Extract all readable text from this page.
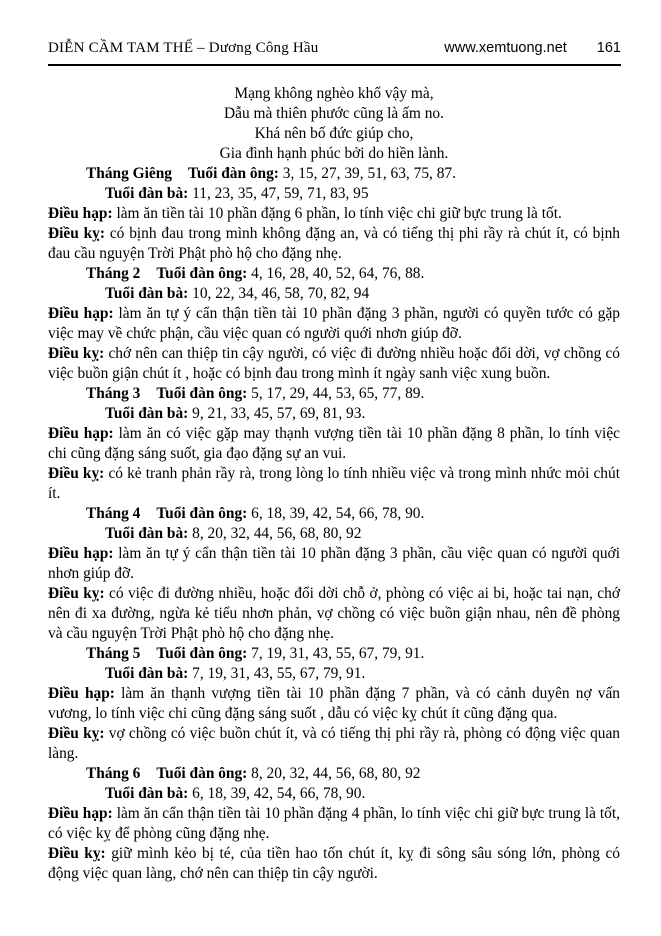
DIỄN CẦM TAM THẾ – Dương Công Hầu	www.xemtuong.net 161
Mạng không nghèo khổ vậy mà,
Dẫu mà thiên phước cũng là ấm no.
Khá nên bố đức giúp cho,
Gia đình hạnh phúc bởi do hiền lành.
Tháng Giêng Tuổi đàn ông: 3, 15, 27, 39, 51, 63, 75, 87.
Tuổi đàn bà: 11, 23, 35, 47, 59, 71, 83, 95

Điều hạp: làm ăn tiền tài 10 phần đặng 6 phần, lo tính việc chi giữ bực trung là tốt.

Điều kỵ: có bịnh đau trong mình không đặng an, và có tiếng thị phi rầy rà chút ít, có bịnh đau cầu nguyện Trời Phật phò hộ cho đặng nhẹ.

Tháng 2 Tuổi đàn ông: 4, 16, 28, 40, 52, 64, 76, 88.
Tuổi đàn bà: 10, 22, 34, 46, 58, 70, 82, 94

Điều hạp: làm ăn tự ý cẩn thận tiền tài 10 phần đặng 3 phần, người có quyền tước có gặp việc may về chức phận, cầu việc quan có người quới nhơn giúp đỡ.

Điều kỵ: chớ nên can thiệp tin cậy người, có việc đi đường nhiều hoặc đổi dời, vợ chồng có việc buồn giận chút ít , hoặc có bịnh đau trong mình ít ngày sanh việc xung buồn.

Tháng 3 Tuổi đàn ông: 5, 17, 29, 44, 53, 65, 77, 89.
Tuổi đàn bà: 9, 21, 33, 45, 57, 69, 81, 93.

Điều hạp: làm ăn có việc gặp may thạnh vượng tiền tài 10 phần đặng 8 phần, lo tính việc chi cũng đặng sáng suốt, gia đạo đặng sự an vui.

Điều kỵ: có kẻ tranh phản rầy rà, trong lòng lo tính nhiều việc và trong mình nhức mỏi chút ít.

Tháng 4 Tuổi đàn ông: 6, 18, 39, 42, 54, 66, 78, 90.
Tuổi đàn bà: 8, 20, 32, 44, 56, 68, 80, 92

Điều hạp: làm ăn tự ý cẩn thận tiền tài 10 phần đặng 3 phần, cầu việc quan có người quới nhơn giúp đỡ.

Điều kỵ: có việc đi đường nhiều, hoặc đổi dời chỗ ở, phòng có việc ai bi, hoặc tai nạn, chớ nên đi xa đường, ngừa kẻ tiểu nhơn phản, vợ chồng có việc buồn giận nhau, nên đề phòng và cầu nguyện Trời Phật phò hộ cho đặng nhẹ.

Tháng 5 Tuổi đàn ông: 7, 19, 31, 43, 55, 67, 79, 91.
Tuổi đàn bà: 7, 19, 31, 43, 55, 67, 79, 91.

Điều hạp: làm ăn thạnh vượng tiền tài 10 phần đặng 7 phần, và có cảnh duyên nợ vấn vương, lo tính việc chi cũng đặng sáng suốt , dẫu có việc kỵ chút ít cũng đặng qua.

Điều kỵ: vợ chồng có việc buồn chút ít, và có tiếng thị phi rầy rà, phòng có động việc quan làng.

Tháng 6 Tuổi đàn ông: 8, 20, 32, 44, 56, 68, 80, 92
Tuổi đàn bà: 6, 18, 39, 42, 54, 66, 78, 90.

Điều hạp: làm ăn cẩn thận tiền tài 10 phần đặng 4 phần, lo tính việc chi giữ bực trung là tốt, có việc kỵ để phòng cũng đặng nhẹ.

Điều kỵ: giữ mình kẻo bị té, của tiền hao tốn chút ít, kỵ đi sông sâu sóng lớn, phòng có động việc quan làng, chớ nên can thiệp tin cậy người.
